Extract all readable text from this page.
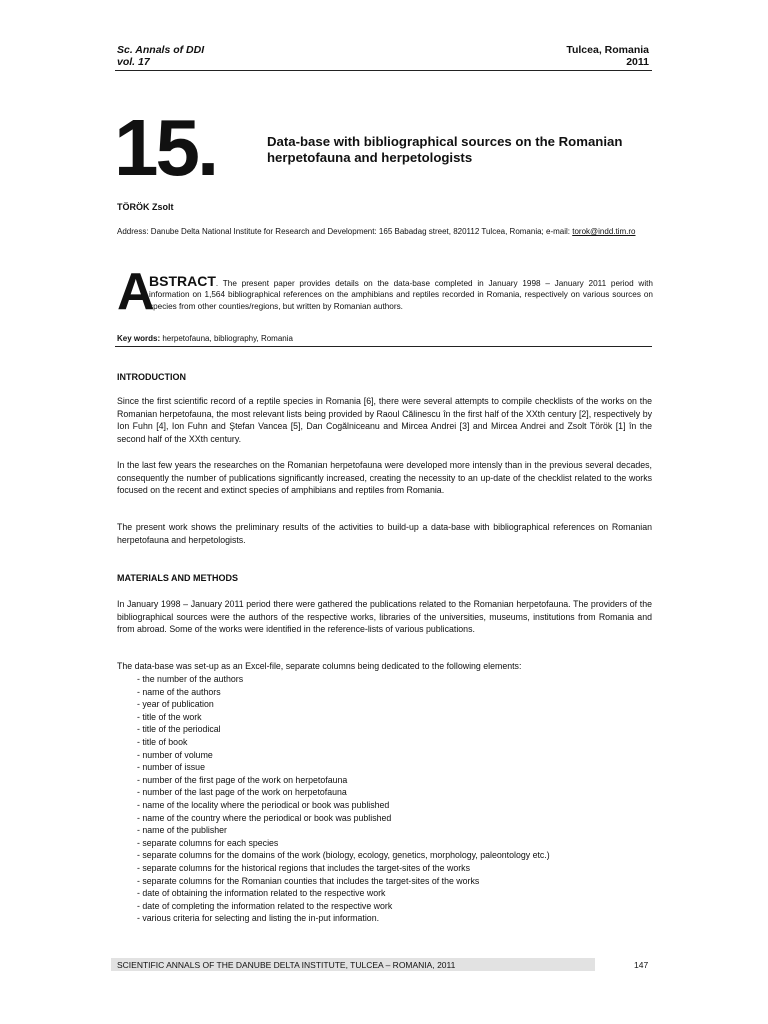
Sc. Annals of DDI
vol. 17
Tulcea, Romania
2011
15.	Data-base with bibliographical sources on the Romanian herpetofauna and herpetologists
TÖRÖK Zsolt
Address: Danube Delta National Institute for Research and Development: 165 Babadag street, 820112 Tulcea, Romania; e-mail: torok@indd.tim.ro
A
BSTRACT. The present paper provides details on the data-base completed in January 1998 – January 2011 period with information on 1,564 bibliographical references on the amphibians and reptiles recorded in Romania, respectively on various sources on species from other counties/regions, but written by Romanian authors.
Key words: herpetofauna, bibliography, Romania
INTRODUCTION
Since the first scientific record of a reptile species in Romania [6], there were several attempts to compile checklists of the works on the Romanian herpetofauna, the most relevant lists being provided by Raoul Călinescu în the first half of the XXth century [2], respectively by Ion Fuhn [4], Ion Fuhn and Ştefan Vancea [5], Dan Cogălniceanu and Mircea Andrei [3] and Mircea Andrei and Zsolt Török [1] în the second half of the XXth century.
In the last few years the researches on the Romanian herpetofauna were developed more intensly than in the previous several decades, consequently the number of publications significantly increased, creating the necessity to an up-date of the checklist related to the works focused on the recent and extinct species of amphibians and reptiles from Romania.
The present work shows the preliminary results of the activities to build-up a data-base with bibliographical references on Romanian herpetofauna and herpetologists.
MATERIALS AND METHODS
In January 1998 – January 2011 period there were gathered the publications related to the Romanian herpetofauna. The providers of the bibliographical sources were the authors of the respective works, libraries of the universities, museums, institutions from Romania and from abroad. Some of the works were identified in the reference-lists of various publications.
The data-base was set-up as an Excel-file, separate columns being dedicated to the following elements:
- the number of the authors
- name of the authors
- year of publication
- title of the work
- title of the periodical
- title of book
- number of volume
- number of issue
- number of the first page of the work on herpetofauna
- number of the last page of the work on herpetofauna
- name of the locality where the periodical or book was published
- name of the country where the periodical or book was published
- name of the publisher
- separate columns for each species
- separate columns for the domains of the work (biology, ecology, genetics, morphology, paleontology etc.)
- separate columns for the historical regions that includes the target-sites of the works
- separate columns for the Romanian counties that includes the target-sites of the works
- date of obtaining the information related to the respective work
- date of completing the information related to the respective work
- various criteria for selecting and listing the in-put information.
SCIENTIFIC ANNALS OF THE DANUBE DELTA INSTITUTE, TULCEA – ROMANIA, 2011	147
